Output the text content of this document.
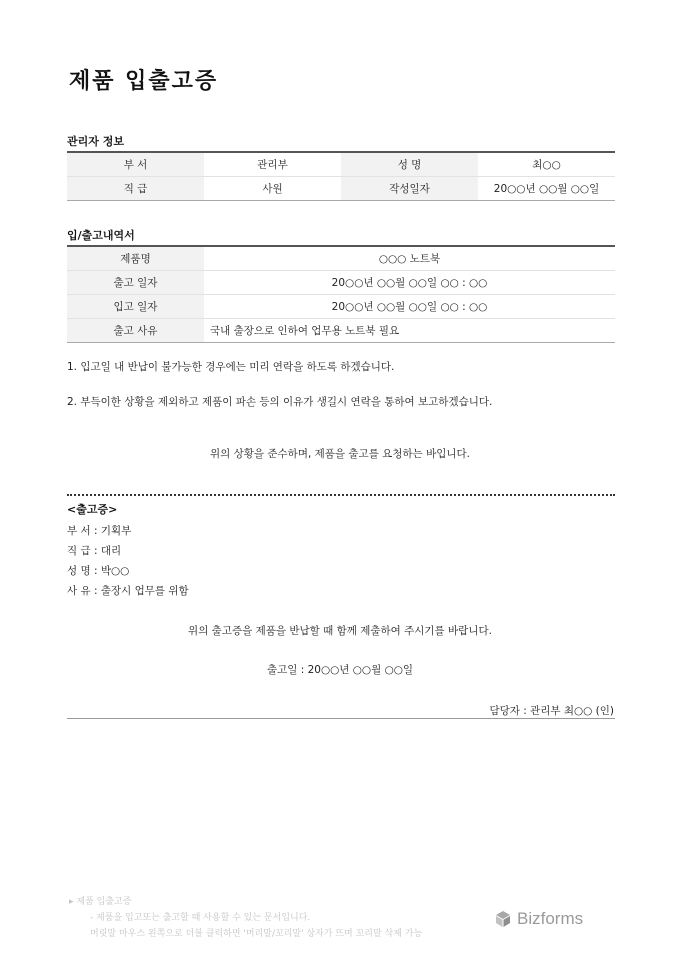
제품 입출고증
관리자 정보
부 서	관리부	성 명	최○○
직 급	사원	작성일자	20○○년 ○○월 ○○일
입/출고내역서
제품명	○○○ 노트북
출고 일자	20○○년 ○○월 ○○일 ○○ : ○○
입고 일자	20○○년 ○○월 ○○일 ○○ : ○○
출고 사유	국내 출장으로 인하여 업무용 노트북 필요
1. 입고일 내 반납이 불가능한 경우에는 미리 연락을 하도록 하겠습니다.
2. 부득이한 상황을 제외하고 제품이 파손 등의 이유가 생길시 연락을 통하여 보고하겠습니다.
위의 상황을 준수하며, 제품을 출고를 요청하는 바입니다.
<출고증>
부 서 : 기획부
직 급 : 대리
성 명 : 박○○
사 유 : 출장시 업무를 위함
위의 출고증을 제품을 반납할 때 함께 제출하여 주시기를 바랍니다.
출고일 : 20○○년 ○○월 ○○일
담당자 : 관리부 최○○ (인)
▸ 제품 입출고증
- 제품을 입고또는 출고할 때 사용할 수 있는 문서입니다.
머릿말 마우스 왼쪽으로 더블 클릭하면 '머리말/꼬리말' 상자가 뜨며 꼬리말 삭제 가능
Bizforms
